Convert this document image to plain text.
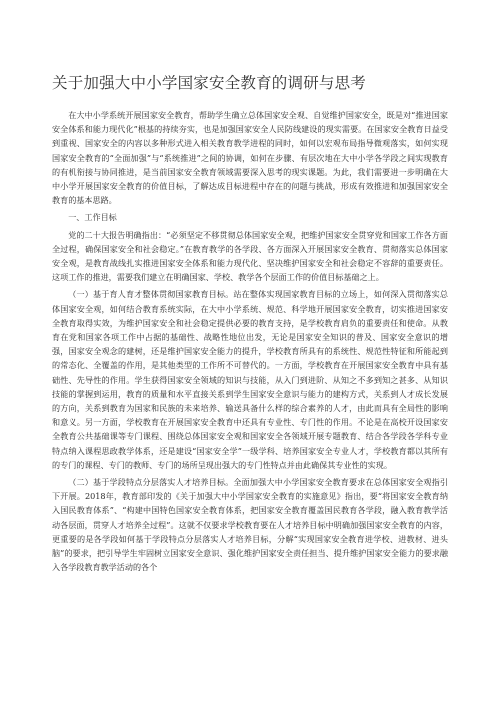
关于加强大中小学国家安全教育的调研与思考

在大中小学系统开展国家安全教育，帮助学生确立总体国家安全观、自觉维护国家安全，既是对“推进国家安全体系和能力现代化”根基的持续夯实，也是加强国家安全人民防线建设的现实需要。在国家安全教育日益受到重视、国家安全的内容以多种形式进入相关教育教学进程的同时，如何以宏观布局指导微观落实，如何实现国家安全教育的“全面加强”与“系统推进”之间的协调，如何在步骤、有层次地在大中小学各学段之间实现教育的有机衔接与协同推进，是当前国家安全教育领域需要深入思考的现实课题。为此，我们需要进一步明确在大中小学开展国家安全教育的价值目标，了解达成目标进程中存在的问题与挑战，形成有效推进和加强国家安全教育的基本思路。

一、工作目标

党的二十大报告明确指出：“必须坚定不移贯彻总体国家安全观，把维护国家安全贯穿党和国家工作各方面全过程，确保国家安全和社会稳定。”在教育教学的各学段、各方面深入开展国家安全教育、贯彻落实总体国家安全观，是教育战线扎实推进国家安全体系和能力现代化、坚决维护国家安全和社会稳定不容辞的重要责任。这项工作的推进，需要我们建立在明确国家、学校、教学各个层面工作的价值目标基础之上。

（一）基于育人育才整体贯彻国家教育目标。站在整体实现国家教育目标的立场上，如何深入贯彻落实总体国家安全观，如何结合教育系统实际，在大中小学系统、规范、科学地开展国家安全教育，切实推进国家安全教育取得实效，为维护国家安全和社会稳定提供必要的教育支持，是学校教育肩负的重要责任和使命。从教育在党和国家各项工作中占据的基础性、战略性地位出发，无论是国家安全知识的普及、国家安全意识的增强，国家安全观念的建树，还是维护国家安全能力的提升，学校教育所具有的系统性、规范性特征和所能起到的常态化、全覆盖的作用，是其他类型的工作所不可替代的。一方面，学校教育在开展国家安全教育中具有基础性、先导性的作用。学生获得国家安全领域的知识与技能，从入门到进阶、从知之不多到知之甚多、从知识技能的掌握到运用，教育的质量和水平直接关系到学生国家安全意识与能力的建构方式，关系到人才成长发展的方向，关系到教育为国家和民族的未来培养、输送具备什么样的综合素养的人才，由此而具有全局性的影响和意义。另一方面，学校教育在开展国家安全教育中还具有专业性、专门性的作用。不论是在高校开设国家安全教育公共基础课等专门课程、围绕总体国家安全观和国家安全各领域开展专题教育、结合各学段各学科专业特点纳入课程思政教学体系，还是建设“国家安全学”一级学科、培养国家安全专业人才，学校教育都以其所有的专门的课程、专门的教师、专门的场所呈现出强大的专门性特点并由此确保其专业性的实现。

（二）基于学段特点分层落实人才培养目标。全面加强大中小学国家安全教育要求在总体国家安全观指引下开展。2018年，教育部印发的《关于加强大中小学国家安全教育的实施意见》指出，要“将国家安全教育纳入国民教育体系”、“构建中国特色国家安全教育体系，把国家安全教育覆盖国民教育各学段，融入教育教学活动各层面，贯穿人才培养全过程”。这就不仅要求学校教育要在人才培养目标中明确加强国家安全教育的内容，更重要的是各学段如何基于学段特点分层落实人才培养目标，分解“实现国家安全教育进学校、进教材、进头脑”的要求，把引导学生牢固树立国家安全意识、强化维护国家安全责任担当、提升维护国家安全能力的要求融入各学段教育教学活动的各个
